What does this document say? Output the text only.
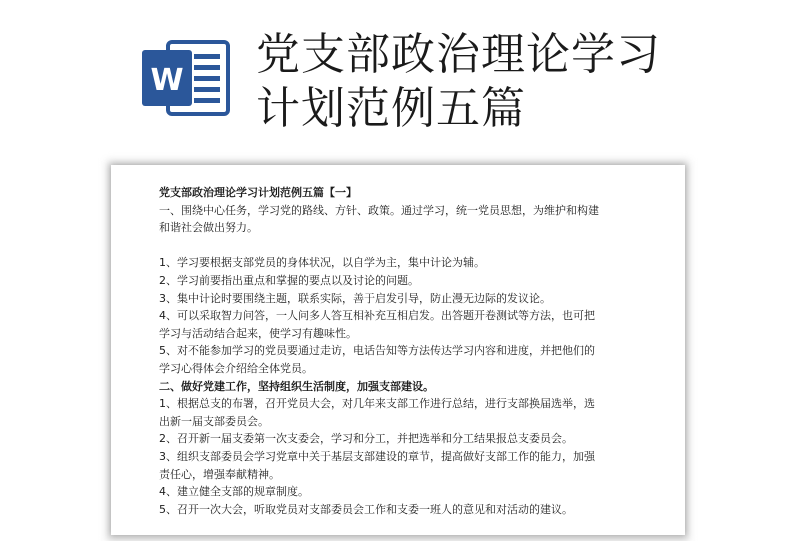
W
党支部政治理论学习
计划范例五篇

党支部政治理论学习计划范例五篇【一】

一、围绕中心任务，学习党的路线、方针、政策。通过学习，统一党员思想，为维护和构建

和谐社会做出努力。

1、学习要根据支部党员的身体状况，以自学为主，集中计论为辅。

2、学习前要指出重点和掌握的要点以及讨论的问题。

3、集中计论时要围绕主题，联系实际，善于启发引导，防止漫无边际的发议论。

4、可以采取智力问答，一人问多人答互相补充互相启发。出答题开卷测试等方法，也可把

学习与活动结合起来，使学习有趣味性。

5、对不能参加学习的党员要通过走访，电话告知等方法传达学习内容和进度，并把他们的

学习心得体会介绍给全体党员。

二、做好党建工作，坚持组织生活制度，加强支部建设。

1、根据总支的布署，召开党员大会，对几年来支部工作进行总结，进行支部换届选举，选

出新一届支部委员会。

2、召开新一届支委第一次支委会，学习和分工，并把选举和分工结果报总支委员会。

3、组织支部委员会学习党章中关于基层支部建设的章节，提高做好支部工作的能力，加强

责任心，增强奉献精神。

4、建立健全支部的规章制度。

5、召开一次大会，听取党员对支部委员会工作和支委一班人的意见和对活动的建议。
